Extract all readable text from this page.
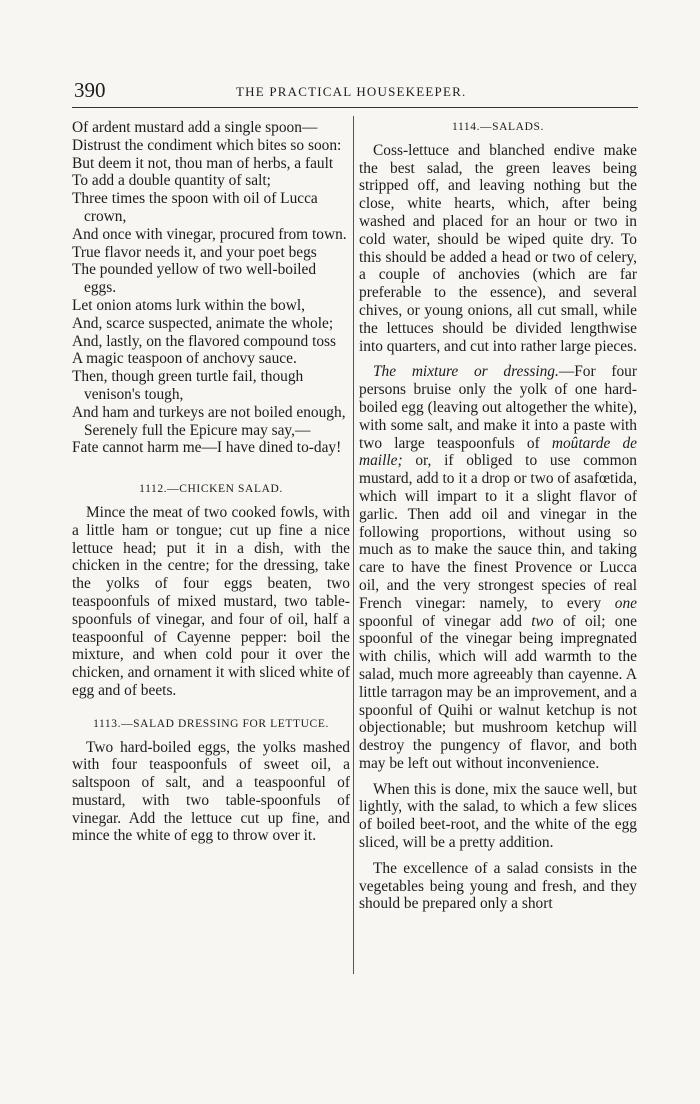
390	THE PRACTICAL HOUSEKEEPER.
Of ardent mustard add a single spoon—
Distrust the condiment which bites so soon:
But deem it not, thou man of herbs, a fault
To add a double quantity of salt;
Three times the spoon with oil of Lucca crown,
And once with vinegar, procured from town.
True flavor needs it, and your poet begs
The pounded yellow of two well-boiled eggs.
Let onion atoms lurk within the bowl,
And, scarce suspected, animate the whole;
And, lastly, on the flavored compound toss
A magic teaspoon of anchovy sauce.
Then, though green turtle fail, though venison's tough,
And ham and turkeys are not boiled enough,
Serenely full the Epicure may say,—
Fate cannot harm me—I have dined to-day!
1112.—CHICKEN SALAD.

Mince the meat of two cooked fowls, with a little ham or tongue; cut up fine a nice lettuce head; put it in a dish, with the chicken in the centre; for the dressing, take the yolks of four eggs beaten, two teaspoonfuls of mixed mustard, two table-spoonfuls of vinegar, and four of oil, half a teaspoonful of Cayenne pepper: boil the mixture, and when cold pour it over the chicken, and ornament it with sliced white of egg and of beets.

1113.—SALAD DRESSING FOR LETTUCE.

Two hard-boiled eggs, the yolks mashed with four teaspoonfuls of sweet oil, a saltspoon of salt, and a teaspoonful of mustard, with two table-spoonfuls of vinegar. Add the lettuce cut up fine, and mince the white of egg to throw over it.

1114.—SALADS.

Coss-lettuce and blanched endive make the best salad, the green leaves being stripped off, and leaving nothing but the close, white hearts, which, after being washed and placed for an hour or two in cold water, should be wiped quite dry. To this should be added a head or two of celery, a couple of anchovies (which are far preferable to the essence), and several chives, or young onions, all cut small, while the lettuces should be divided lengthwise into quarters, and cut into rather large pieces.

The mixture or dressing.—For four persons bruise only the yolk of one hard-boiled egg (leaving out altogether the white), with some salt, and make it into a paste with two large teaspoonfuls of moûtarde de maille; or, if obliged to use common mustard, add to it a drop or two of asafœtida, which will impart to it a slight flavor of garlic. Then add oil and vinegar in the following proportions, without using so much as to make the sauce thin, and taking care to have the finest Provence or Lucca oil, and the very strongest species of real French vinegar: namely, to every one spoonful of vinegar add two of oil; one spoonful of the vinegar being impregnated with chilis, which will add warmth to the salad, much more agreeably than cayenne. A little tarragon may be an improvement, and a spoonful of Quihi or walnut ketchup is not objectionable; but mushroom ketchup will destroy the pungency of flavor, and both may be left out without inconvenience.

When this is done, mix the sauce well, but lightly, with the salad, to which a few slices of boiled beet-root, and the white of the egg sliced, will be a pretty addition.

The excellence of a salad consists in the vegetables being young and fresh, and they should be prepared only a short
